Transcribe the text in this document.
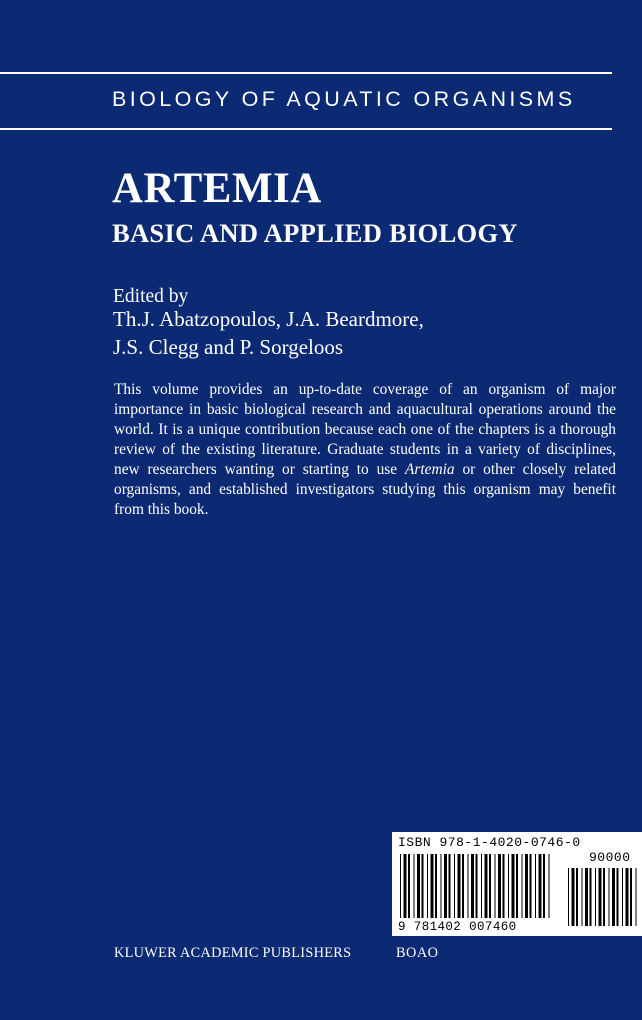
BIOLOGY OF AQUATIC ORGANISMS
ARTEMIA
BASIC AND APPLIED BIOLOGY
Edited by
Th.J. Abatzopoulos, J.A. Beardmore,
J.S. Clegg and P. Sorgeloos

This volume provides an up-to-date coverage of an organism of major importance in basic biological research and aquacultural operations around the world. It is a unique contribution because each one of the chapters is a thorough review of the existing literature. Graduate students in a variety of disciplines, new researchers wanting or starting to use Artemia or other closely related organisms, and established investigators studying this organism may benefit from this book.

ISBN 978-1-4020-0746-0
90000
9 781402 007460
KLUWER ACADEMIC PUBLISHERS	BOAO
